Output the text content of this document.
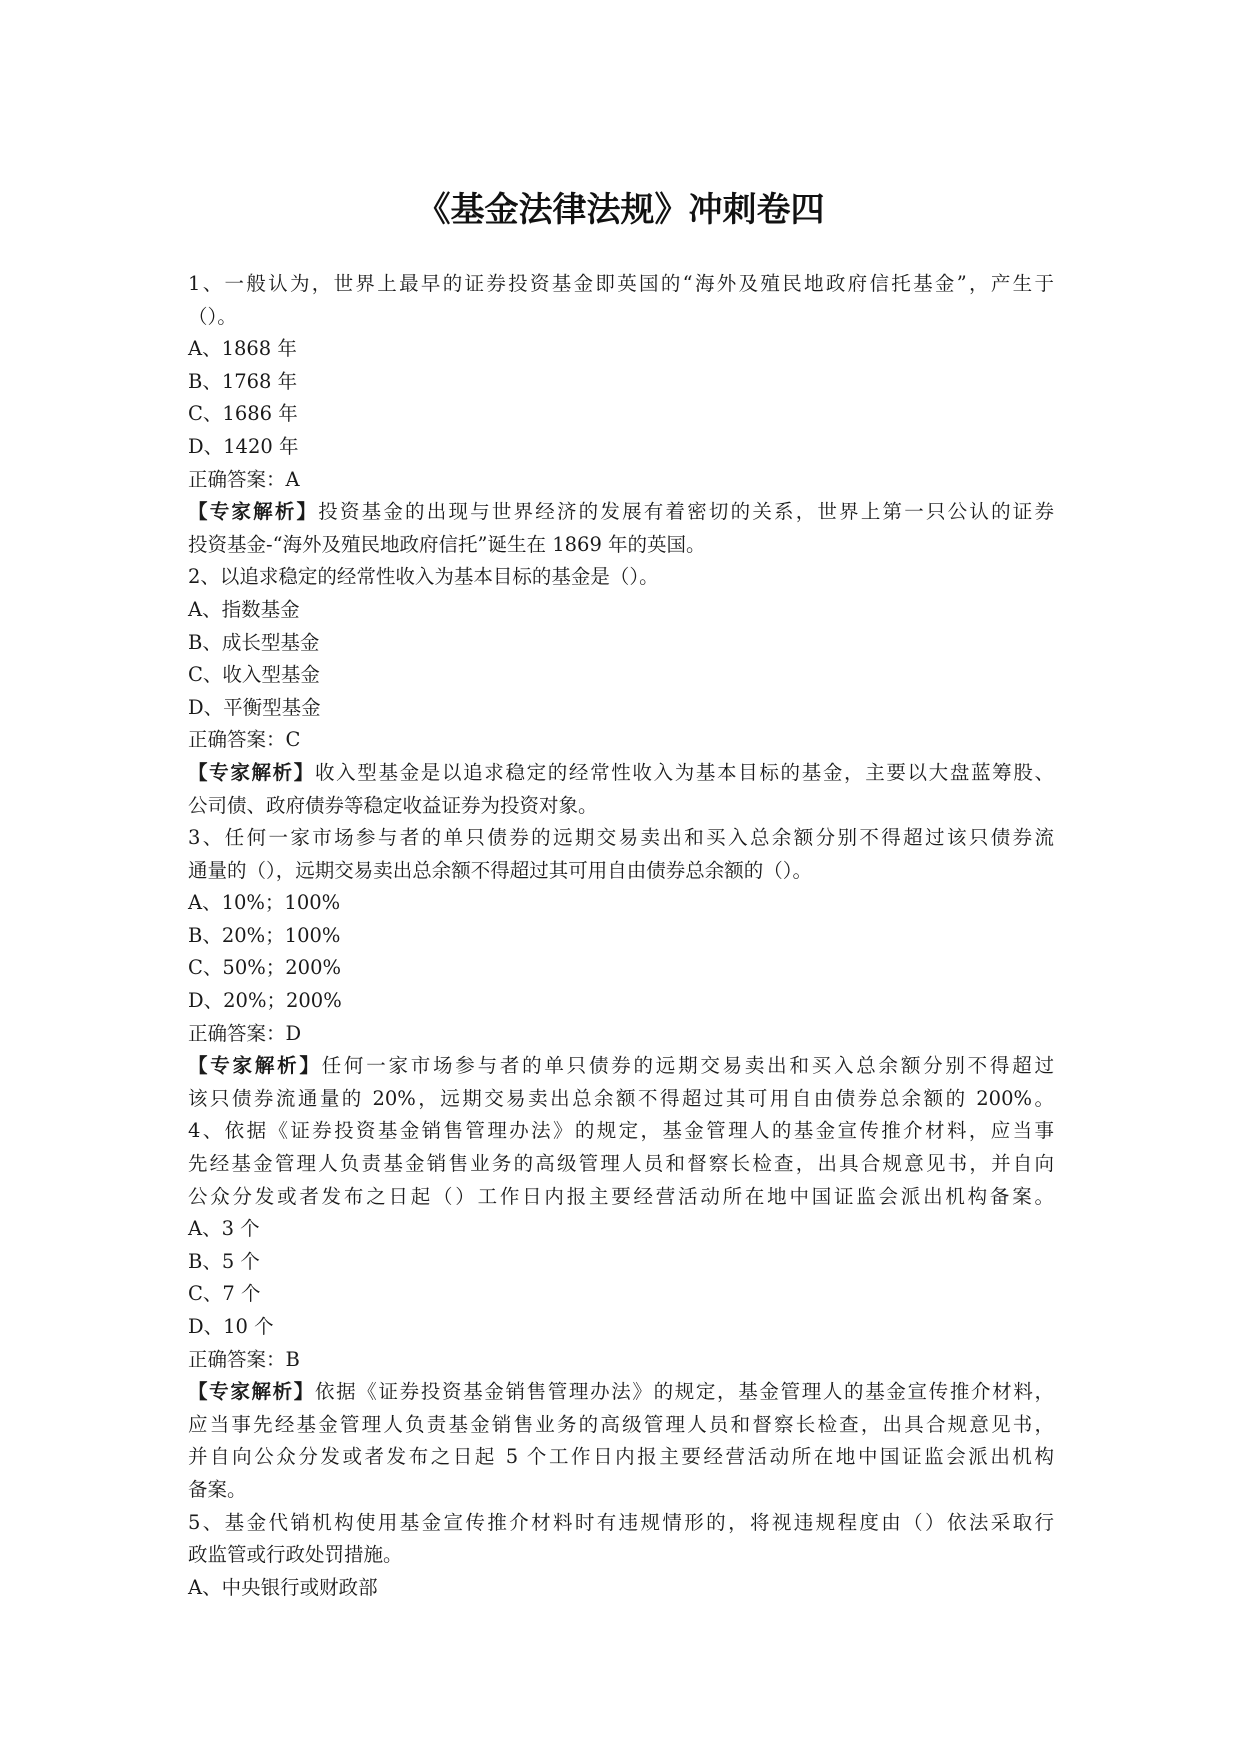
《基金法律法规》冲刺卷四
1、一般认为，世界上最早的证券投资基金即英国的“海外及殖民地政府信托基金”，产生于
（）。
A、1868 年
B、1768 年
C、1686 年
D、1420 年
正确答案：A
【专家解析】投资基金的出现与世界经济的发展有着密切的关系，世界上第一只公认的证券
投资基金-“海外及殖民地政府信托”诞生在 1869 年的英国。
2、以追求稳定的经常性收入为基本目标的基金是（）。
A、指数基金
B、成长型基金
C、收入型基金
D、平衡型基金
正确答案：C
【专家解析】收入型基金是以追求稳定的经常性收入为基本目标的基金，主要以大盘蓝筹股、
公司债、政府债券等稳定收益证券为投资对象。
3、任何一家市场参与者的单只债券的远期交易卖出和买入总余额分别不得超过该只债券流
通量的（），远期交易卖出总余额不得超过其可用自由债券总余额的（）。
A、10%；100%
B、20%；100%
C、50%；200%
D、20%；200%
正确答案：D
【专家解析】任何一家市场参与者的单只债券的远期交易卖出和买入总余额分别不得超过
该只债券流通量的 20%，远期交易卖出总余额不得超过其可用自由债券总余额的 200%。
4、依据《证券投资基金销售管理办法》的规定，基金管理人的基金宣传推介材料，应当事
先经基金管理人负责基金销售业务的高级管理人员和督察长检查，出具合规意见书，并自向
公众分发或者发布之日起（）工作日内报主要经营活动所在地中国证监会派出机构备案。
A、3 个
B、5 个
C、7 个
D、10 个
正确答案：B
【专家解析】依据《证券投资基金销售管理办法》的规定，基金管理人的基金宣传推介材料，
应当事先经基金管理人负责基金销售业务的高级管理人员和督察长检查，出具合规意见书，
并自向公众分发或者发布之日起 5 个工作日内报主要经营活动所在地中国证监会派出机构
备案。
5、基金代销机构使用基金宣传推介材料时有违规情形的，将视违规程度由（）依法采取行
政监管或行政处罚措施。
A、中央银行或财政部
